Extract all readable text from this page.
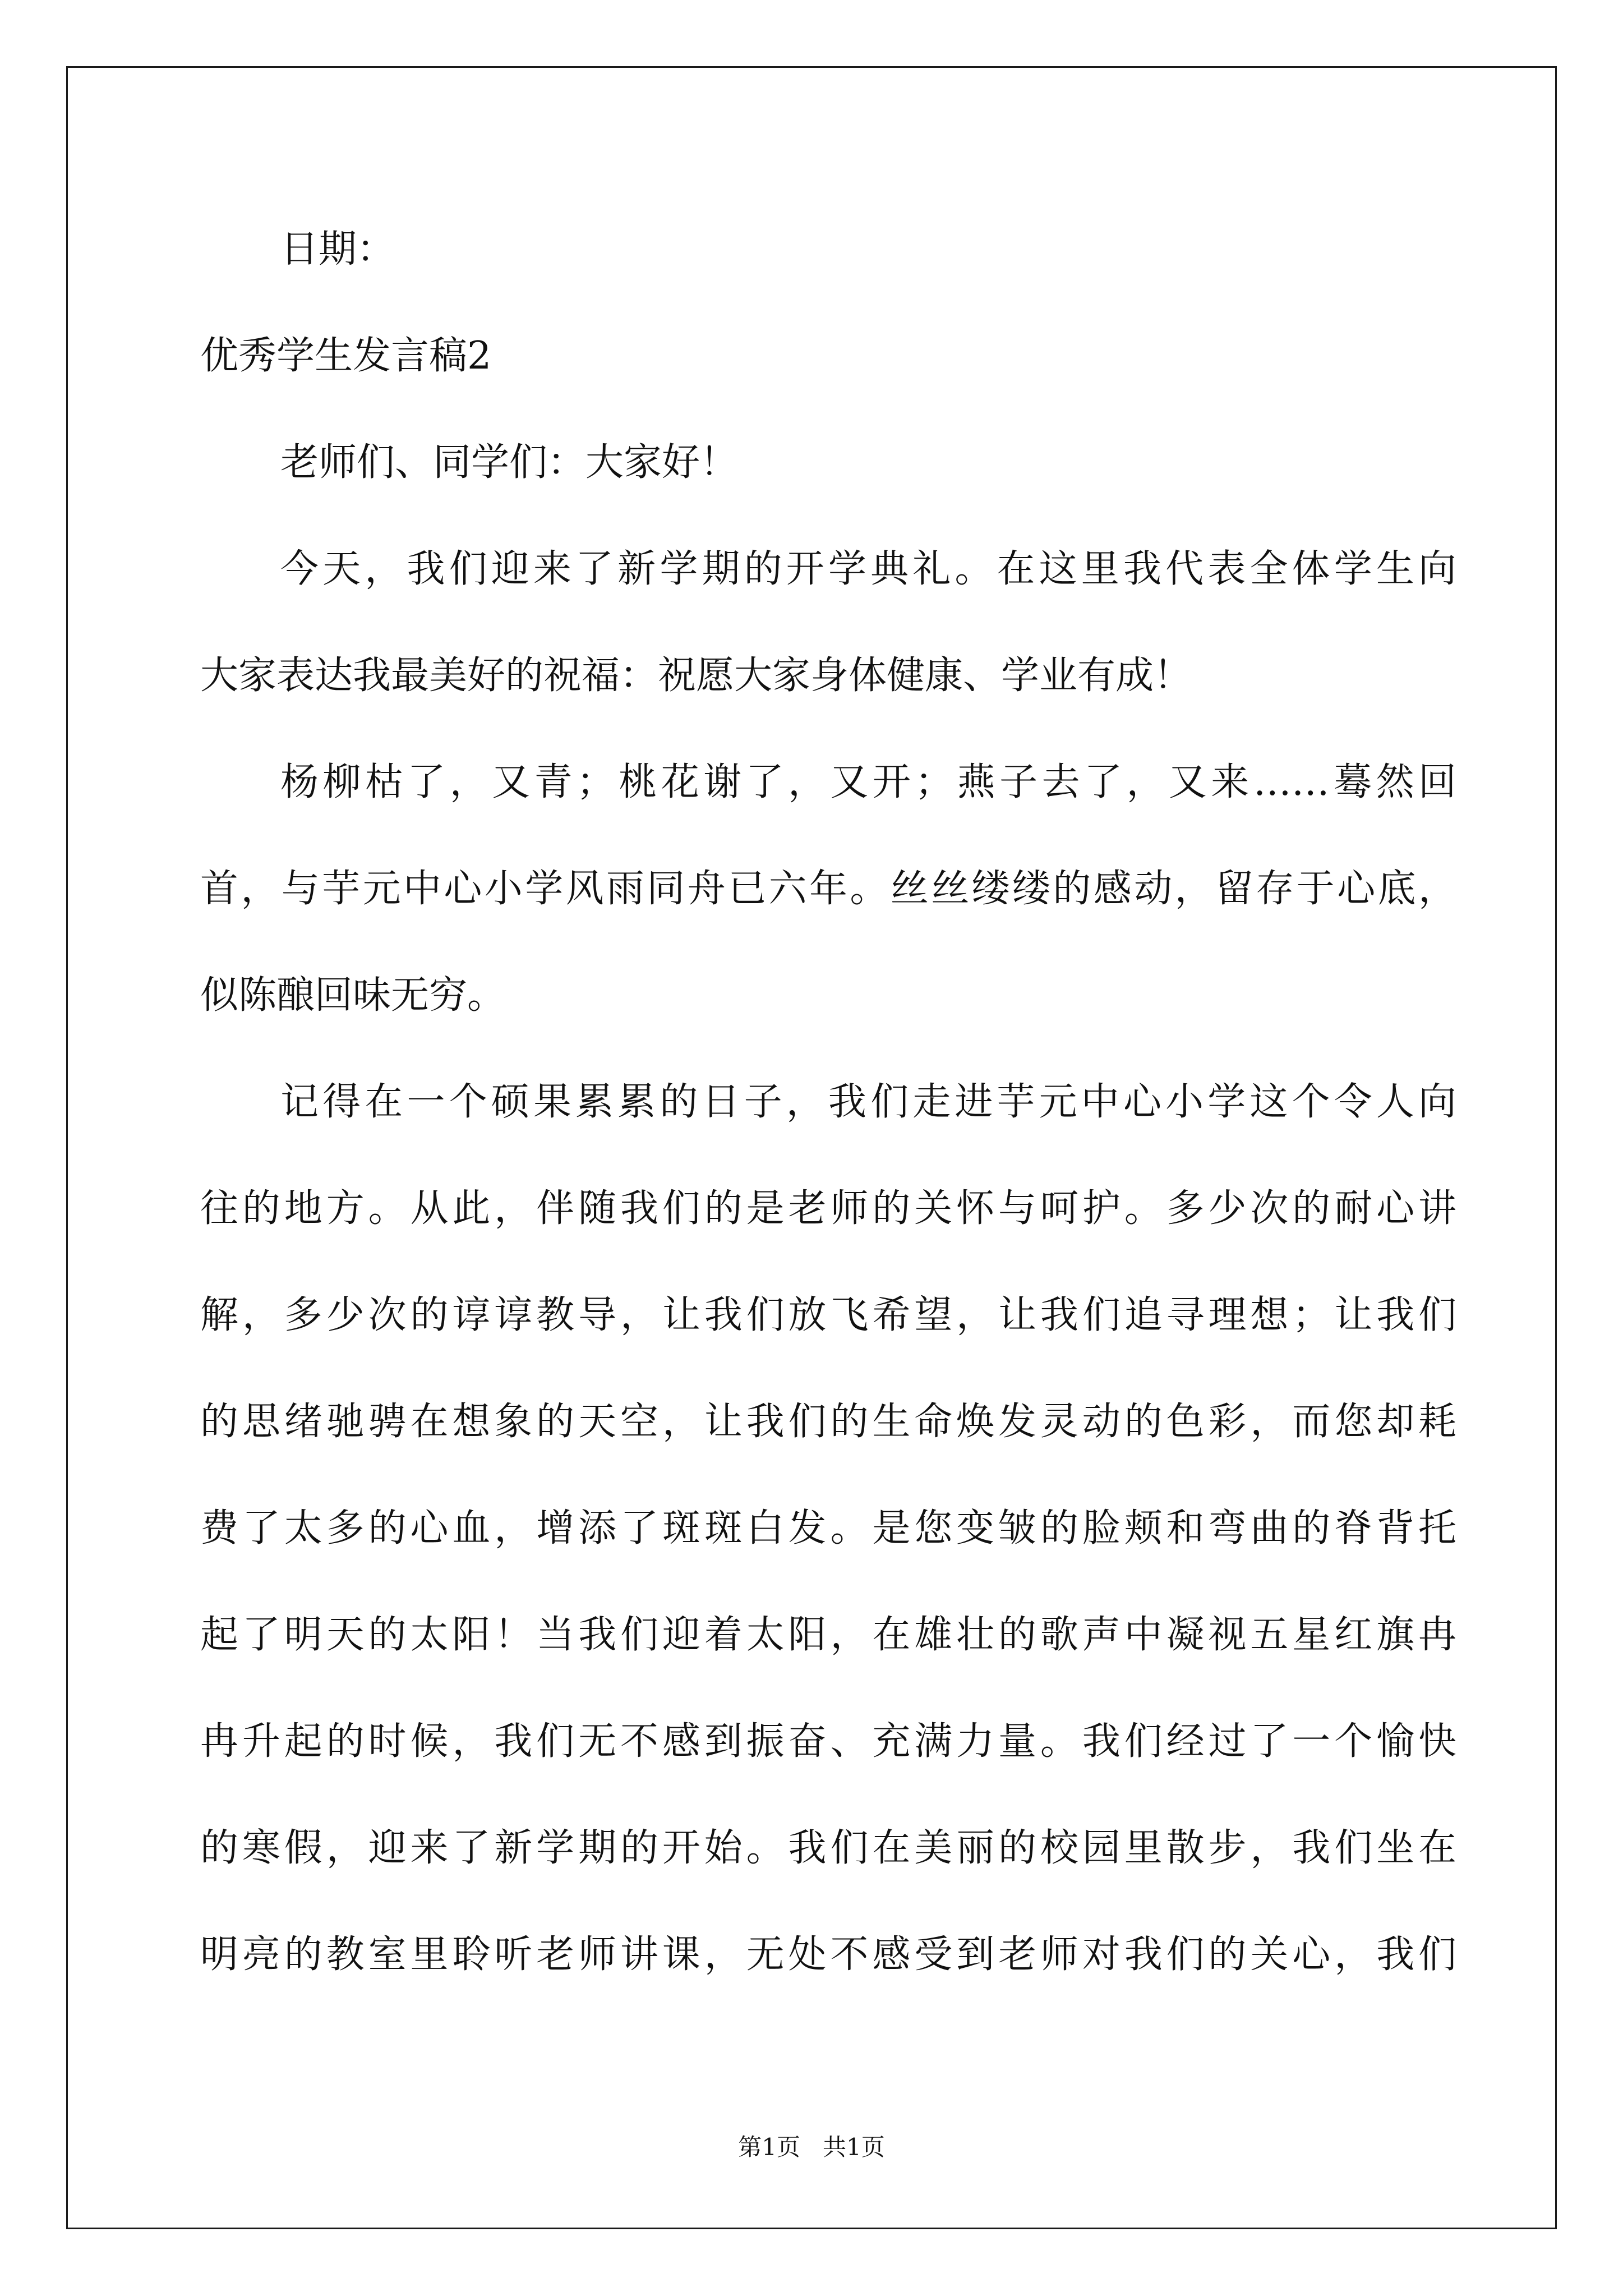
日期：
优秀学生发言稿2
老师们、同学们：大家好！
今天，我们迎来了新学期的开学典礼。在这里我代表全体学生向
大家表达我最美好的祝福：祝愿大家身体健康、学业有成！
杨柳枯了，又青；桃花谢了，又开；燕子去了，又来……蓦然回
首，与芋元中心小学风雨同舟已六年。丝丝缕缕的感动，留存于心底，
似陈酿回味无穷。
记得在一个硕果累累的日子，我们走进芋元中心小学这个令人向
往的地方。从此，伴随我们的是老师的关怀与呵护。多少次的耐心讲
解，多少次的谆谆教导，让我们放飞希望，让我们追寻理想；让我们
的思绪驰骋在想象的天空，让我们的生命焕发灵动的色彩，而您却耗
费了太多的心血，增添了斑斑白发。是您变皱的脸颊和弯曲的脊背托
起了明天的太阳！当我们迎着太阳，在雄壮的歌声中凝视五星红旗冉
冉升起的时候，我们无不感到振奋、充满力量。我们经过了一个愉快
的寒假，迎来了新学期的开始。我们在美丽的校园里散步，我们坐在
明亮的教室里聆听老师讲课，无处不感受到老师对我们的关心，我们
第1页   共1页
